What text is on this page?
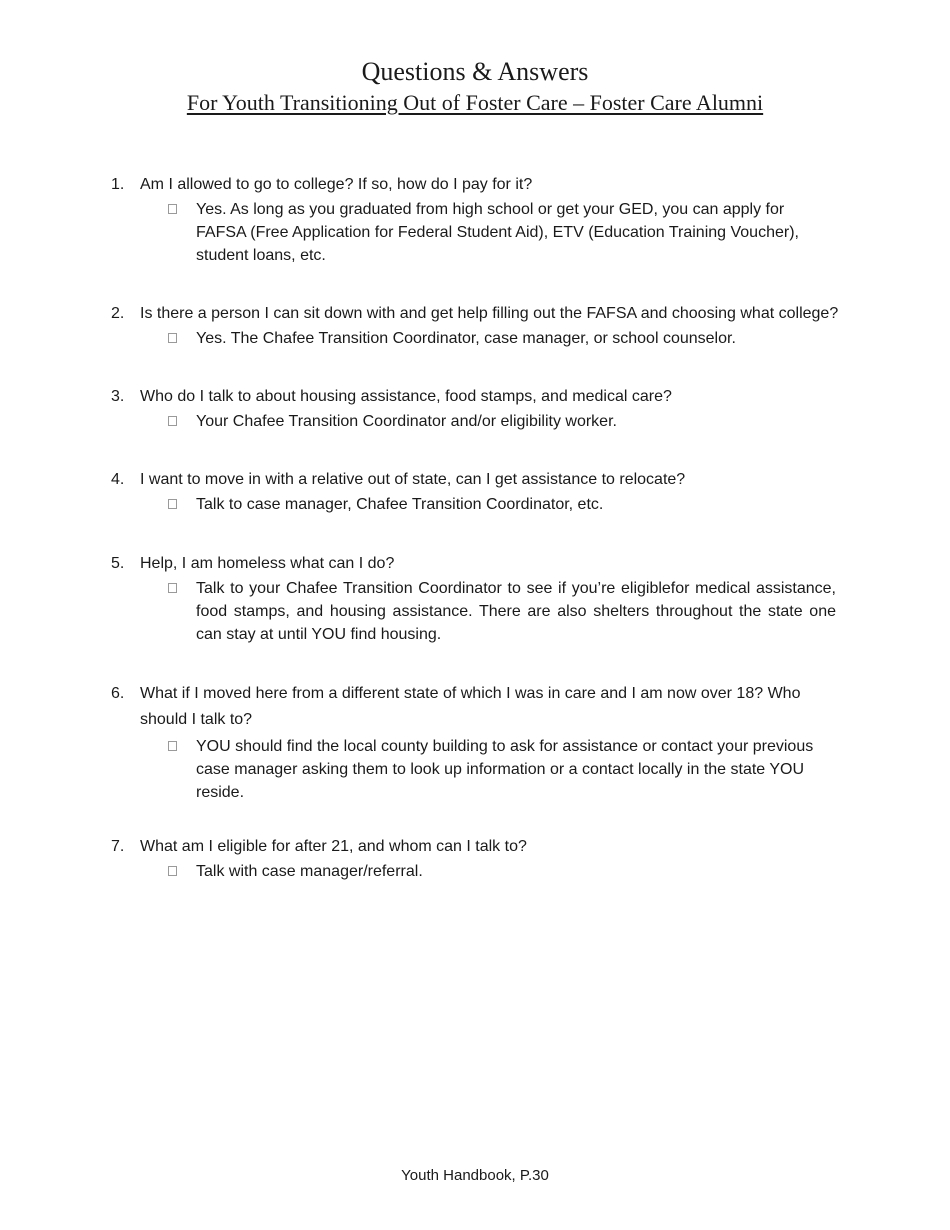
Questions & Answers
For Youth Transitioning Out of Foster Care – Foster Care Alumni
1. Am I allowed to go to college? If so, how do I pay for it?
Yes. As long as you graduated from high school or get your GED, you can apply for FAFSA (Free Application for Federal Student Aid), ETV (Education Training Voucher), student loans, etc.
2. Is there a person I can sit down with and get help filling out the FAFSA and choosing what college?
Yes. The Chafee Transition Coordinator, case manager, or school counselor.
3. Who do I talk to about housing assistance, food stamps, and medical care?
Your Chafee Transition Coordinator and/or eligibility worker.
4. I want to move in with a relative out of state, can I get assistance to relocate?
Talk to case manager, Chafee Transition Coordinator, etc.
5. Help, I am homeless what can I do?
Talk to your Chafee Transition Coordinator to see if you’re eligiblefor medical assistance, food stamps, and housing assistance. There are also shelters throughout the state one can stay at until YOU find housing.
6. What if I moved here from a different state of which I was in care and I am now over 18? Who should I talk to?
YOU should find the local county building to ask for assistance or contact your previous case manager asking them to look up information or a contact locally in the state YOU reside.
7. What am I eligible for after 21, and whom can I talk to?
Talk with case manager/referral.
Youth Handbook, P.30
